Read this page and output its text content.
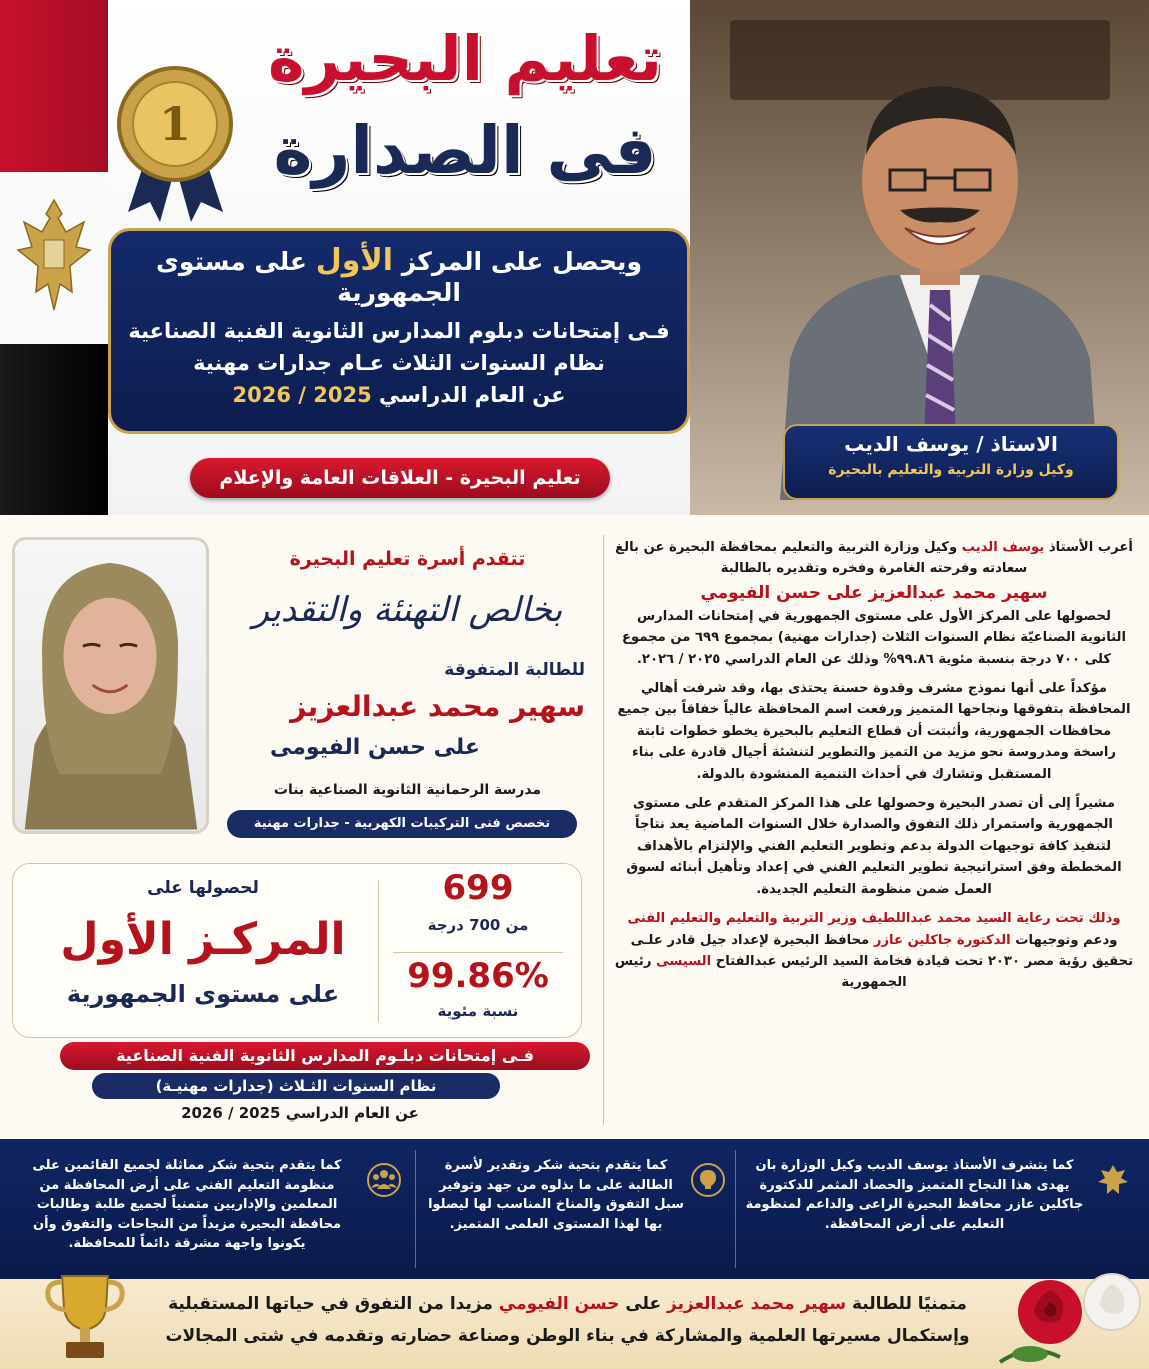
1
تعليم البحيرة
فى الصدارة
ويحصل على المركز الأول على مستوى الجمهورية
فـى إمتحانات دبلوم المدارس الثانوية الفنية الصناعية
نظام السنوات الثلاث عـام جدارات مهنية
عن العام الدراسي 2025 / 2026
تعليم البحيرة - العلاقات العامة والإعلام
الاستاذ / يوسف الديب
وكيل وزارة التربية والتعليم بالبحيرة

أعرب الأستاذ يوسف الديب وكيل وزارة التربية والتعليم بمحافظة البحيرة عن بالغ سعادته وفرحته الغامرة وفخره وتقديره بالطالبة
سهير محمد عبدالعزيز على حسن الفيومي
لحصولها على المركز الأول على مستوى الجمهورية في إمتحانات المدارس الثانوية الصناعيّة نظام السنوات الثلاث (جدارات مهنية) بمجموع ٦٩٩ من مجموع كلى ٧٠٠ درجة بنسبة مئوية ٩٩.٨٦% وذلك عن العام الدراسي ٢٠٢٥ / ٢٠٢٦.

مؤكداً على أنها نموذج مشرف وقدوة حسنة يحتذى بها، وقد شرفت أهالي المحافظة بتفوقها ونجاحها المتميز ورفعت اسم المحافظة عالياً خفاقاً بين جميع محافظات الجمهورية، وأثبتت أن قطاع التعليم بالبحيرة يخطو خطوات ثابتة راسخة ومدروسة نحو مزيد من التميز والتطوير لتنشئة أجيال قادرة على بناء المستقبل وتشارك في أحداث التنمية المنشودة بالدولة.

مشيراً إلى أن تصدر البحيرة وحصولها على هذا المركز المتقدم على مستوى الجمهورية واستمرار ذلك التفوق والصدارة خلال السنوات الماضية يعد نتاجاً لتنفيذ كافة توجيهات الدولة بدعم وتطوير التعليم الفني والإلتزام بالأهداف المخططة وفق استراتيجية تطوير التعليم الفني في إعداد وتأهيل أبنائه لسوق العمل ضمن منظومة التعليم الجديدة.

وذلك تحت رعاية السيد محمد عبداللطيف وزير التربية والتعليم والتعليم الفنى
ودعم وتوجيهات الدكتورة جاكلين عازر محافظ البحيرة لإعداد جيل قادر علـى تحقيق رؤية مصر ٢٠٣٠ تحت قيادة فخامة السيد الرئيس عبدالفتاح السيسى رئيس الجمهورية

تتقدم أسرة تعليم البحيرة
بخالص التهنئة والتقدير
للطالبة المتفوقة
سهير محمد عبدالعزيز
على حسن الفيومى
مدرسة الرحمانية الثانوية الصناعية بنات
تخصص فنى التركيبات الكهربية - جدارات مهنية
699
من 700 درجة
99.86%
نسبة مئوية
لحصولها على
المركـز الأول
على مستوى الجمهورية
فـى إمتحانات دبلـوم المدارس الثانوية الفنية الصناعية
نظام السنوات الثـلاث (جدارات مهنيـة)
عن العام الدراسي 2025 / 2026
كما يتشرف الأستاذ يوسف الديب وكيل الوزارة بان يهدى هذا النجاح المتميز والحصاد المثمر للدكتورة جاكلين عازر محافظ البحيرة الراعى والداعم لمنظومة التعليم على أرض المحافظة.
كما يتقدم بتحية شكر وتقدير لأسرة الطالبة على ما بذلوه من جهد وتوفير سبل التفوق والمناخ المناسب لها ليصلوا بها لهذا المستوى العلمى المتميز.
كما يتقدم بتحية شكر مماثلة لجميع القائمين على منظومة التعليم الفني على أرض المحافظة من المعلمين والإداريين متمنياً لجميع طلبة وطالبات محافظة البحيرة مزيداً من النجاحات والتفوق وأن يكونوا واجهة مشرقة دائماً للمحافظة.
متمنيًا للطالبة سهير محمد عبدالعزيز على حسن الفيومي مزيدا من التفوق في حياتها المستقبلية
وإستكمال مسيرتها العلمية والمشاركة في بناء الوطن وصناعة حضارته وتقدمه في شتى المجالات
